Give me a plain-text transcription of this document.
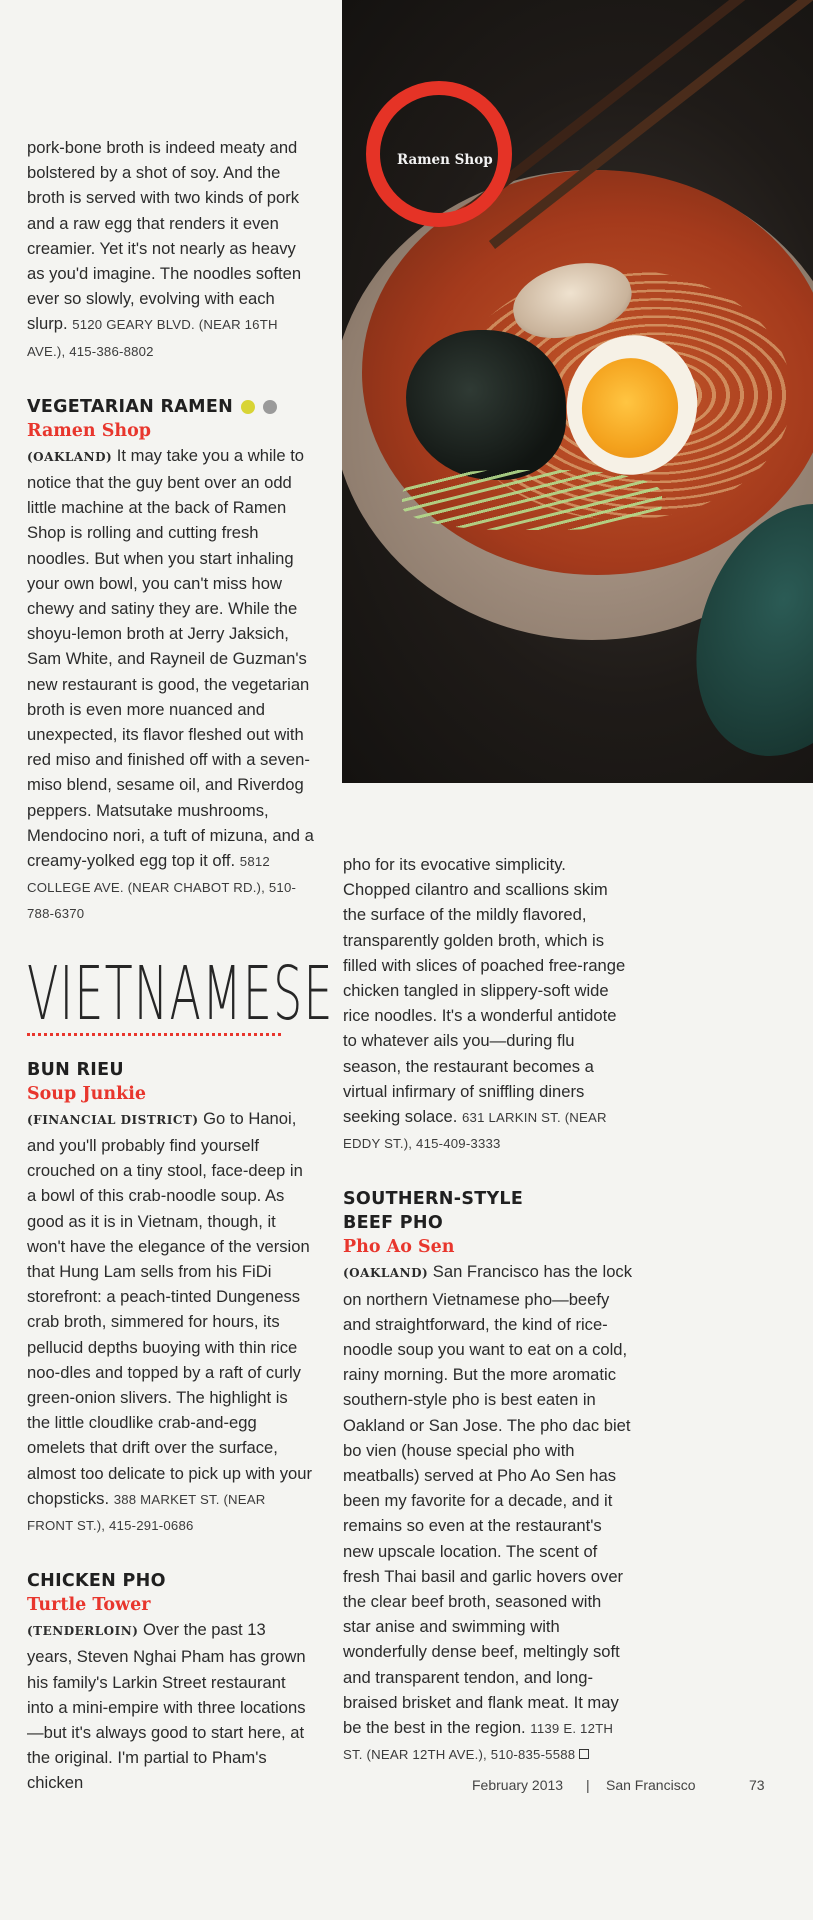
Ramen Shop

pork-bone broth is indeed meaty and bolstered by a shot of soy. And the broth is served with two kinds of pork and a raw egg that renders it even creamier. Yet it's not nearly as heavy as you'd imagine. The noodles soften ever so slowly, evolving with each slurp. 5120 GEARY BLVD. (NEAR 16TH AVE.), 415-386-8802

VEGETARIAN RAMEN
Ramen Shop

(OAKLAND) It may take you a while to notice that the guy bent over an odd little machine at the back of Ramen Shop is rolling and cutting fresh noodles. But when you start inhaling your own bowl, you can't miss how chewy and satiny they are. While the shoyu-lemon broth at Jerry Jaksich, Sam White, and Rayneil de Guzman's new restaurant is good, the vegetarian broth is even more nuanced and unexpected, its flavor fleshed out with red miso and finished off with a seven-miso blend, sesame oil, and Riverdog peppers. Matsutake mushrooms, Mendocino nori, a tuft of mizuna, and a creamy-yolked egg top it off. 5812 COLLEGE AVE. (NEAR CHABOT RD.), 510-788-6370

VIETNAMESE
BUN RIEU
Soup Junkie

(FINANCIAL DISTRICT) Go to Hanoi, and you'll probably find yourself crouched on a tiny stool, face-deep in a bowl of this crab-noodle soup. As good as it is in Vietnam, though, it won't have the elegance of the version that Hung Lam sells from his FiDi storefront: a peach-tinted Dungeness crab broth, simmered for hours, its pellucid depths buoying with thin rice noo-dles and topped by a raft of curly green-onion slivers. The highlight is the little cloudlike crab-and-egg omelets that drift over the surface, almost too delicate to pick up with your chopsticks. 388 MARKET ST. (NEAR FRONT ST.), 415-291-0686

CHICKEN PHO
Turtle Tower

(TENDERLOIN) Over the past 13 years, Steven Nghai Pham has grown his family's Larkin Street restaurant into a mini-empire with three locations—but it's always good to start here, at the original. I'm partial to Pham's chicken

pho for its evocative simplicity. Chopped cilantro and scallions skim the surface of the mildly flavored, transparently golden broth, which is filled with slices of poached free-range chicken tangled in slippery-soft wide rice noodles. It's a wonderful antidote to whatever ails you—during flu season, the restaurant becomes a virtual infirmary of sniffling diners seeking solace. 631 LARKIN ST. (NEAR EDDY ST.), 415-409-3333

SOUTHERN-STYLE
BEEF PHO
Pho Ao Sen

(OAKLAND) San Francisco has the lock on northern Vietnamese pho—beefy and straightforward, the kind of rice-noodle soup you want to eat on a cold, rainy morning. But the more aromatic southern-style pho is best eaten in Oakland or San Jose. The pho dac biet bo vien (house special pho with meatballs) served at Pho Ao Sen has been my favorite for a decade, and it remains so even at the restaurant's new upscale location. The scent of fresh Thai basil and garlic hovers over the clear beef broth, seasoned with star anise and swimming with wonderfully dense beef, meltingly soft and transparent tendon, and long-braised brisket and flank meat. It may be the best in the region. 1139 E. 12TH ST. (NEAR 12TH AVE.), 510-835-5588

February 2013 | San Francisco	73
